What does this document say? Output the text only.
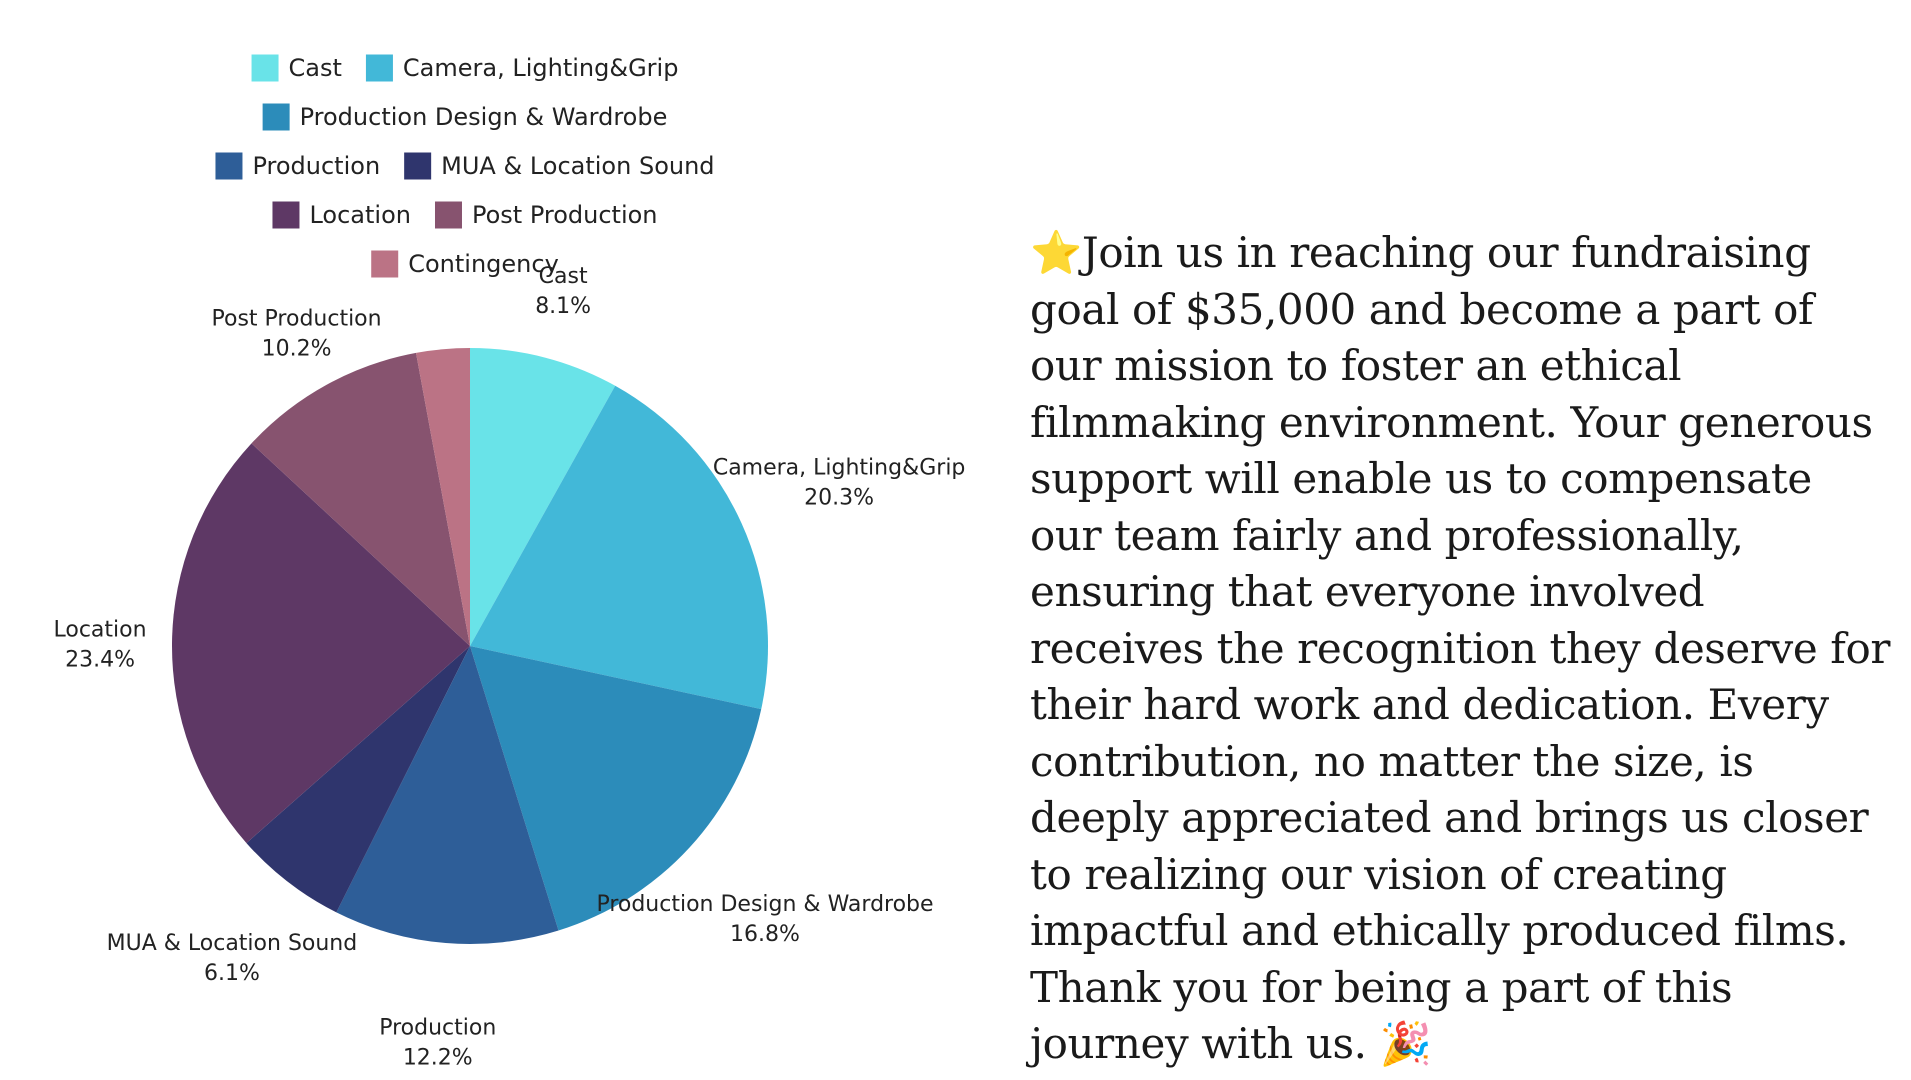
Cast	Camera, Lighting&Grip
Production Design & Wardrobe
Production	MUA & Location Sound
Location	Post Production
Contingency
Cast
8.1%
Camera, Lighting&Grip
20.3%
Production Design & Wardrobe
16.8%
Production
12.2%
MUA & Location Sound
6.1%
Location
23.4%
Post Production
10.2%

⭐Join us in reaching our fundraising goal of $35,000 and become a part of our mission to foster an ethical filmmaking environment. Your generous support will enable us to compensate our team fairly and professionally, ensuring that everyone involved receives the recognition they deserve for their hard work and dedication. Every contribution, no matter the size, is deeply appreciated and brings us closer to realizing our vision of creating impactful and ethically produced films. Thank you for being a part of this journey with us. 🎉
